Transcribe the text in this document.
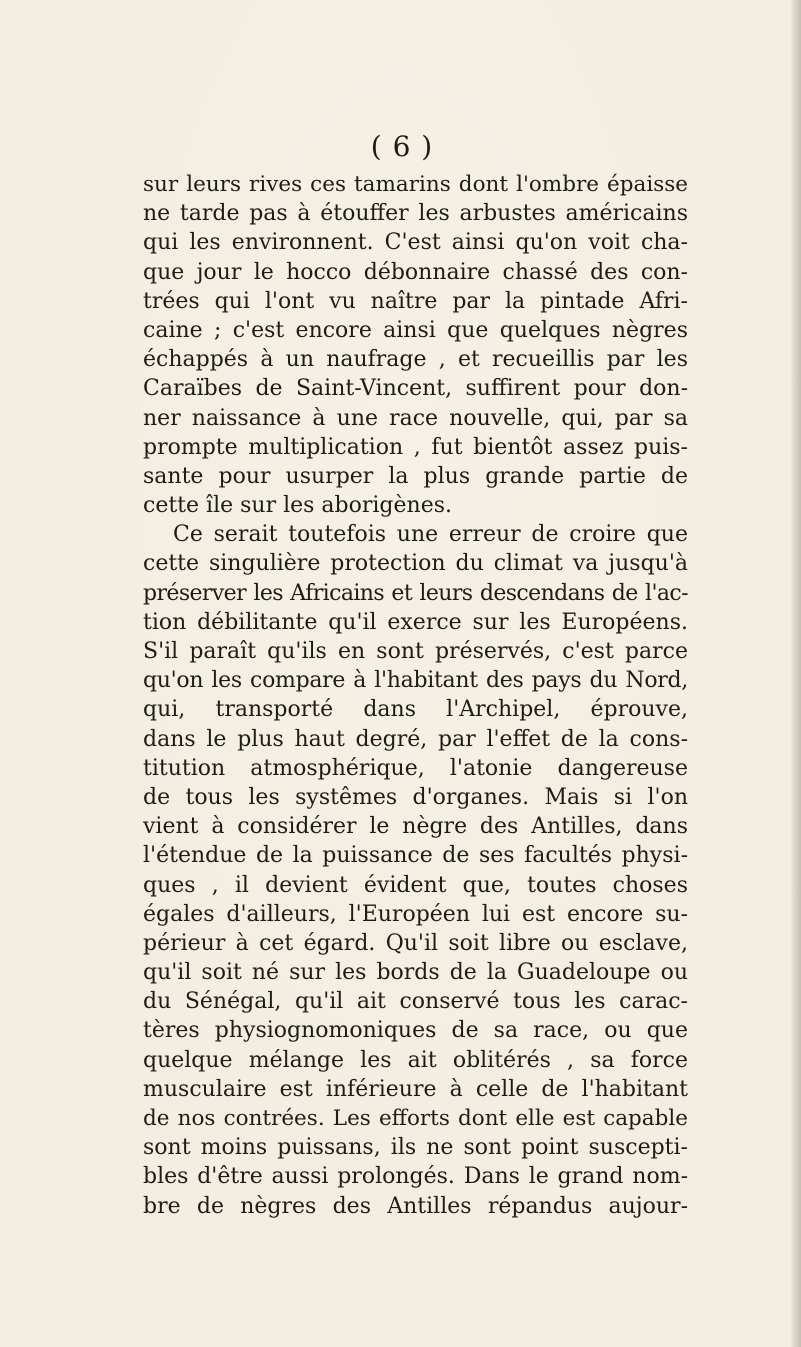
( 6 )
sur leurs rives ces tamarins dont l'ombre épaisse
ne tarde pas à étouffer les arbustes américains
qui les environnent. C'est ainsi qu'on voit cha-
que jour le hocco débonnaire chassé des con-
trées qui l'ont vu naître par la pintade Afri-
caine ; c'est encore ainsi que quelques nègres
échappés à un naufrage , et recueillis par les
Caraïbes de Saint-Vincent, suffirent pour don-
ner naissance à une race nouvelle, qui, par sa
prompte multiplication , fut bientôt assez puis-
sante pour usurper la plus grande partie de
cette île sur les aborigènes.
Ce serait toutefois une erreur de croire que
cette singulière protection du climat va jusqu'à
préserver les Africains et leurs descendans de l'ac-
tion débilitante qu'il exerce sur les Européens.
S'il paraît qu'ils en sont préservés, c'est parce
qu'on les compare à l'habitant des pays du Nord,
qui, transporté dans l'Archipel, éprouve,
dans le plus haut degré, par l'effet de la cons-
titution atmosphérique, l'atonie dangereuse
de tous les systêmes d'organes. Mais si l'on
vient à considérer le nègre des Antilles, dans
l'étendue de la puissance de ses facultés physi-
ques , il devient évident que, toutes choses
égales d'ailleurs, l'Européen lui est encore su-
périeur à cet égard. Qu'il soit libre ou esclave,
qu'il soit né sur les bords de la Guadeloupe ou
du Sénégal, qu'il ait conservé tous les carac-
tères physiognomoniques de sa race, ou que
quelque mélange les ait oblitérés , sa force
musculaire est inférieure à celle de l'habitant
de nos contrées. Les efforts dont elle est capable
sont moins puissans, ils ne sont point suscepti-
bles d'être aussi prolongés. Dans le grand nom-
bre de nègres des Antilles répandus aujour-
